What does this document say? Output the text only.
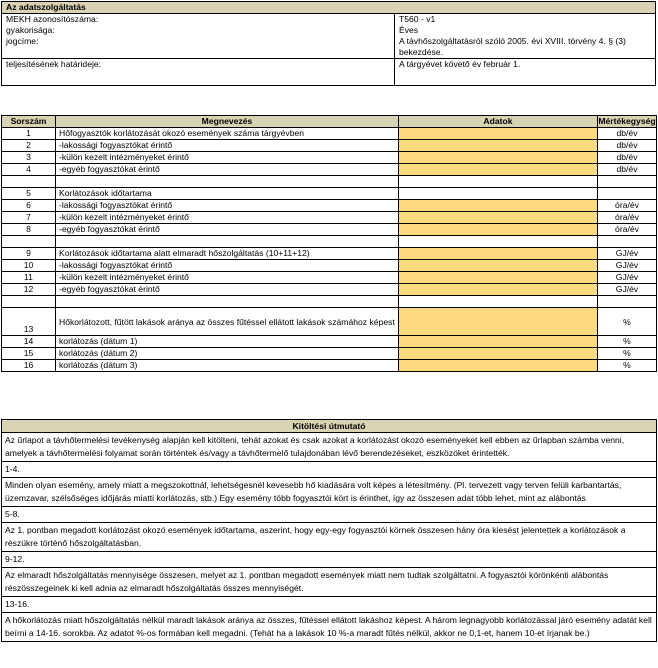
Az adatszolgáltatás	
MEKH azonosítószáma:	T560 - v1
gyakorisága:	Éves
jogcíme:	A távhőszolgáltatásról szóló 2005. évi XVIII. törvény 4. § (3) bekezdése.
teljesítésének határideje:	A tárgyévet követő év február 1.
Sorszám	Megnevezés	Adatok	Mértékegység
1	Hőfogyasztók korlátozását okozó események száma tárgyévben		db/év
2	-lakossági fogyasztókat érintő		db/év
3	-külön kezelt intézményeket érintő		db/év
4	-egyéb fogyasztókat érintő		db/év

5	Korlátozások időtartama		
6	-lakossági fogyasztókat érintő		óra/év
7	-külön kezelt intézményeket érintő		óra/év
8	-egyéb fogyasztókat érintő		óra/év

9	Korlátozások időtartama alatt elmaradt hőszolgáltatás (10+11+12)		GJ/év
10	-lakossági fogyasztókat érintő		GJ/év
11	-külön kezelt intézményeket érintő		GJ/év
12	-egyéb fogyasztókat érintő		GJ/év

13	Hőkorlátozott, fűtött lakások aránya az összes fűtéssel ellátott lakások számához képest		%
14	korlátozás (dátum 1)		%
15	korlátozás (dátum 2)		%
16	korlátozás (dátum 3)		%
Kitöltési útmutató
Az űrlapot a távhőtermelési tevékenység alapján kell kitölteni, tehát azokat és csak azokat a korlátozást okozó eseményeket kell ebben az űrlapban számba venni, amelyek a távhőtermelési folyamat során történtek és/vagy a távhőtermelő tulajdonában lévő berendezéseket, eszközöket érintették.
1-4.
Minden olyan esemény, amely miatt a megszokottnál, lehetségesnél kevesebb hő kiadására volt képes a létesítmény. (Pl. tervezett vagy terven felüli karbantartás, üzemzavar, szélsőséges időjárás miatti korlátozás, stb.) Egy esemény több fogyasztói kört is érinthet, így az összesen adat több lehet, mint az alábontás
5-8.
Az 1. pontban megadott korlátozást okozó események időtartama, aszerint, hogy egy-egy fogyasztói körnek összesen hány óra kiesést jelentettek a korlátozások a részükre történő hőszolgáltatásban.
9-12.
Az elmaradt hőszolgáltatás mennyisége összesen, melyet az 1. pontban megadott események miatt nem tudtak szolgáltatni. A fogyasztói körönkénti alábontás részösszegeinek ki kell adnia az elmaradt hőszolgáltatás összes mennyiségét.
13-16.
A hőkorlátozás miatt hőszolgáltatás nélkül maradt lakások aránya az összes, fűtéssel ellátott lakáshoz képest. A három legnagyobb korlátozással járó esemény adatát kell beírni a 14-16. sorokba. Az adatot %-os formában kell megadni. (Tehát ha a lakások 10 %-a maradt fűtés nélkül, akkor ne 0,1-et, hanem 10-et írjanak be.)
